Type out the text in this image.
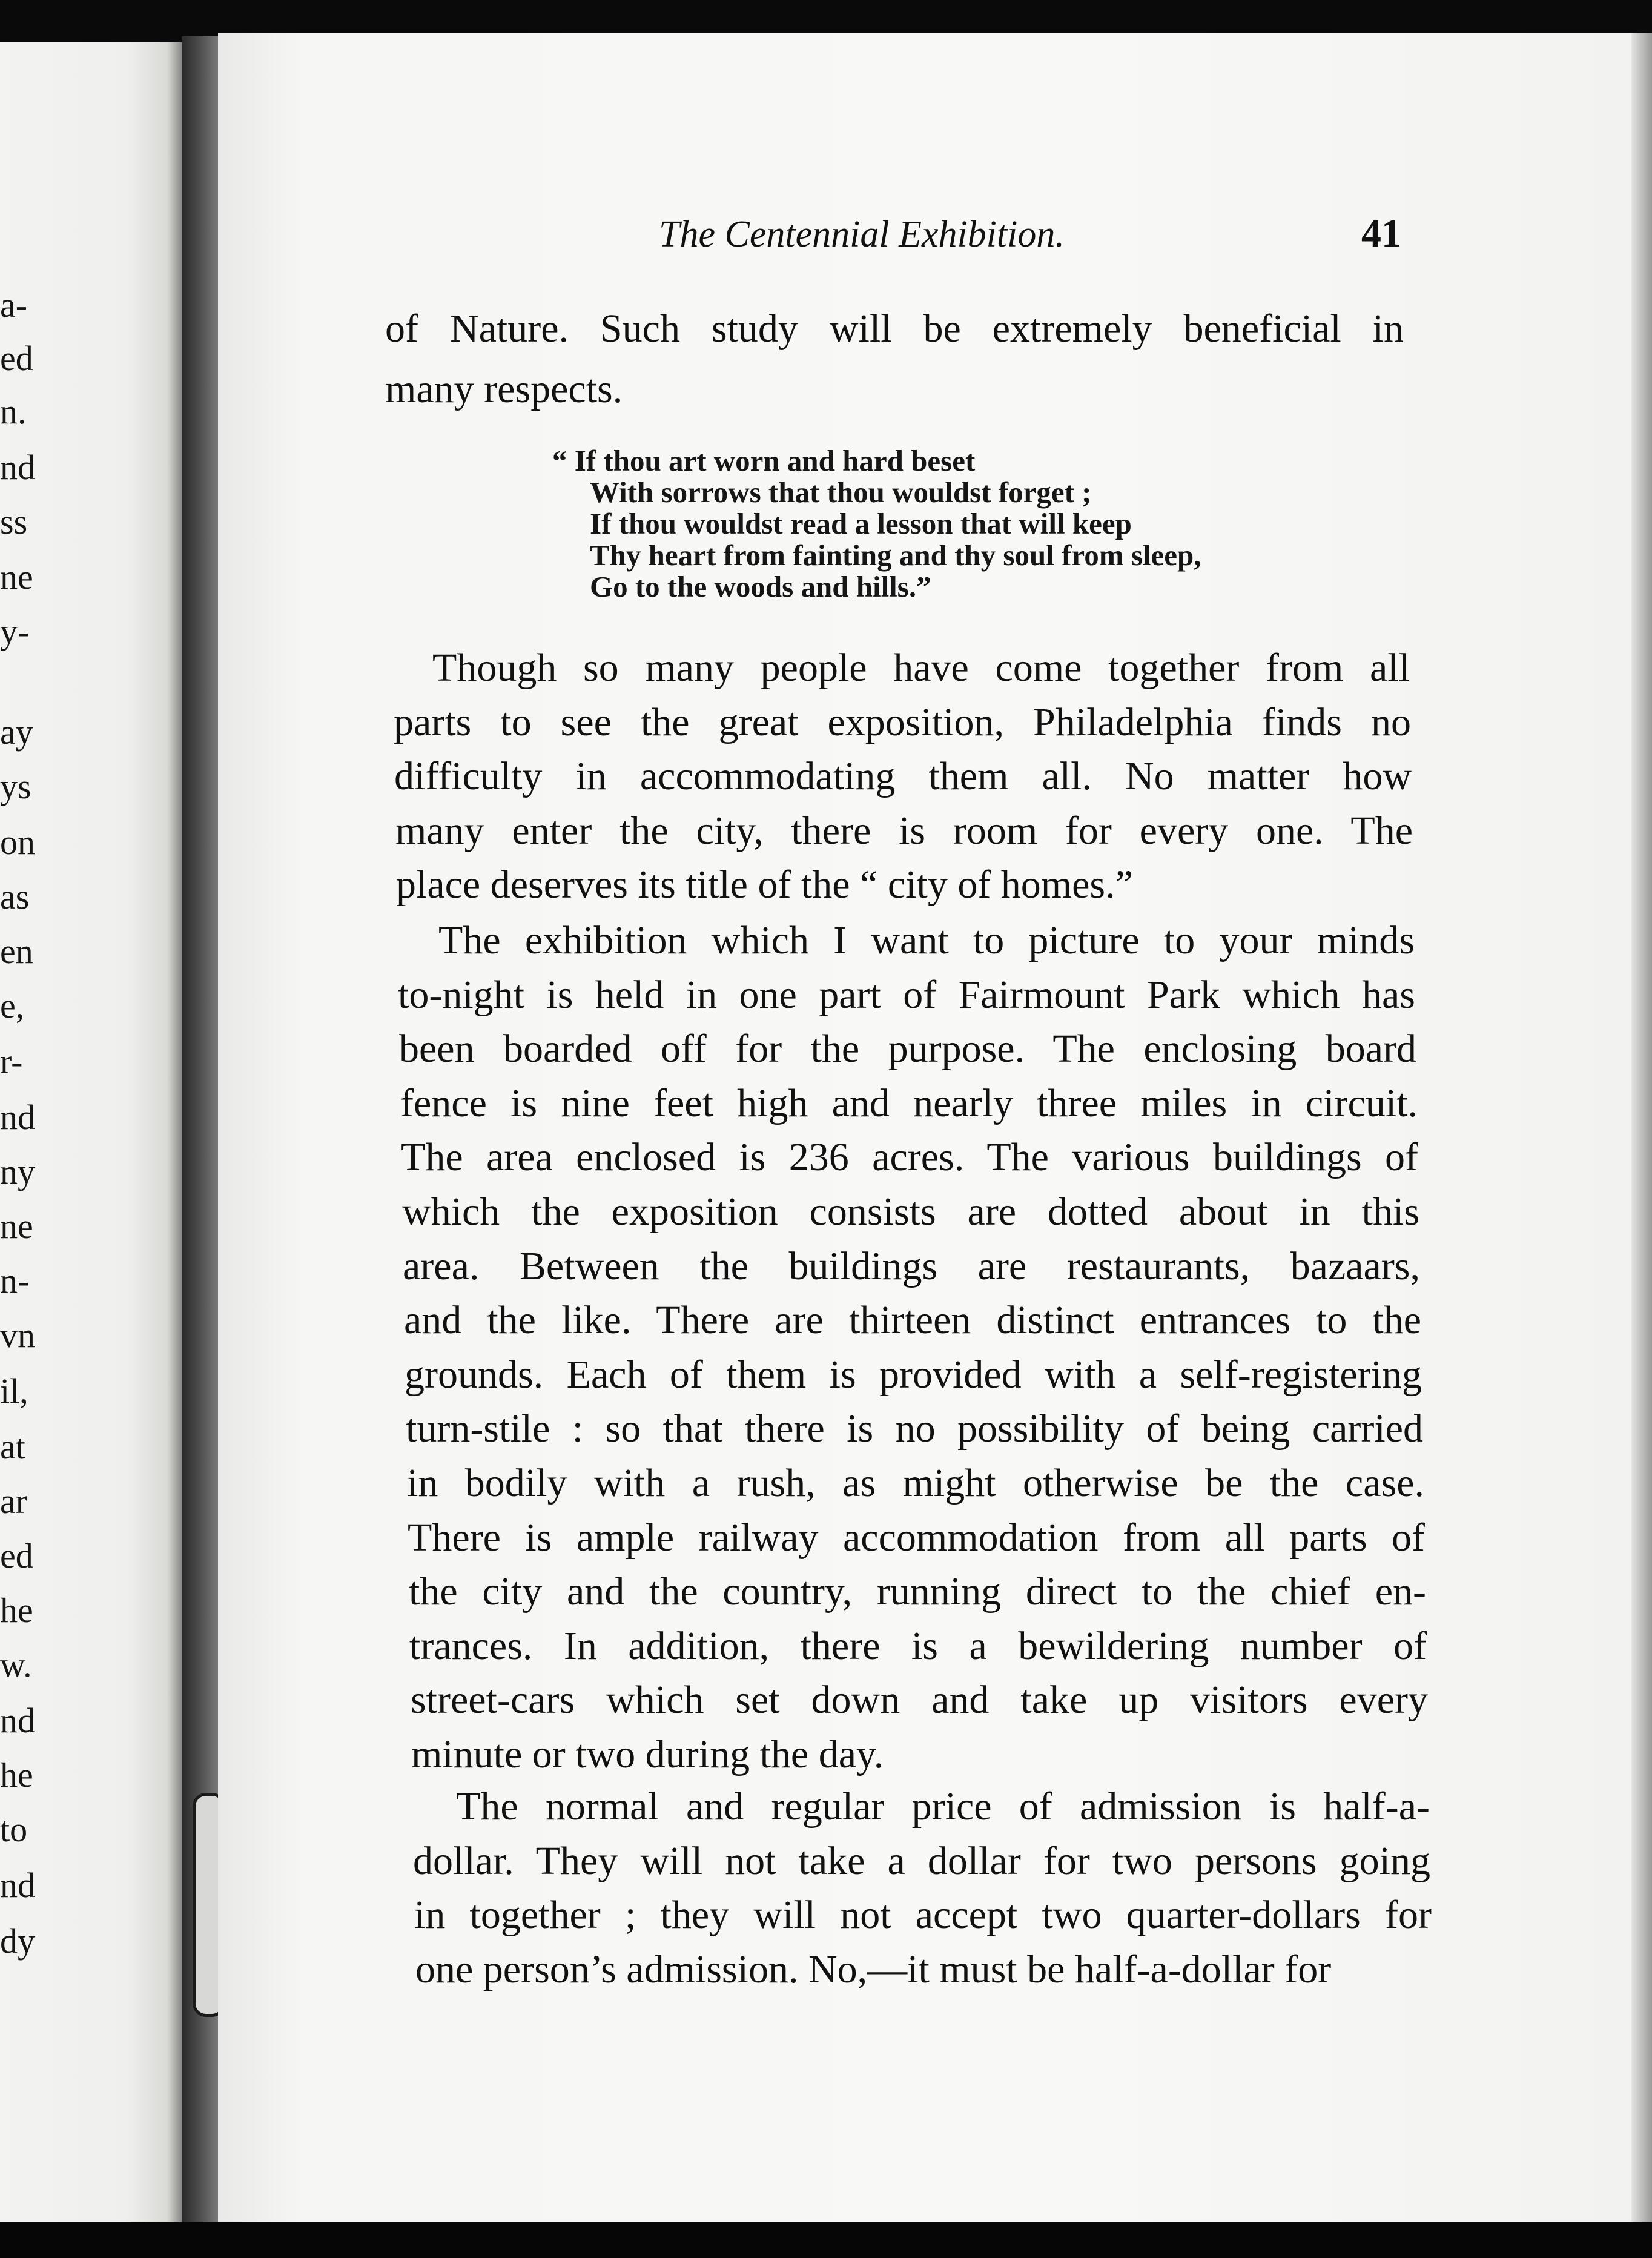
a-
ed
n.
nd
ss
ne
y-
ay
ys
on
as
en
e,
r-
nd
ny
ne
n-
vn
il,
at
ar
ed
he
w.
nd
he
to
nd
dy
The Centennial Exhibition.	41
of Nature. Such study will be extremely beneficial in
many respects.
“ If thou art worn and hard beset
With sorrows that thou wouldst forget ;
If thou wouldst read a lesson that will keep
Thy heart from fainting and thy soul from sleep,
Go to the woods and hills.”
Though so many people have come together from all
parts to see the great exposition, Philadelphia finds no
difficulty in accommodating them all. No matter how
many enter the city, there is room for every one. The
place deserves its title of the “ city of homes.”
The exhibition which I want to picture to your minds
to-night is held in one part of Fairmount Park which has
been boarded off for the purpose. The enclosing board
fence is nine feet high and nearly three miles in circuit.
The area enclosed is 236 acres. The various buildings of
which the exposition consists are dotted about in this
area. Between the buildings are restaurants, bazaars,
and the like. There are thirteen distinct entrances to the
grounds. Each of them is provided with a self-registering
turn-stile : so that there is no possibility of being carried
in bodily with a rush, as might otherwise be the case.
There is ample railway accommodation from all parts of
the city and the country, running direct to the chief en-
trances. In addition, there is a bewildering number of
street-cars which set down and take up visitors every
minute or two during the day.
The normal and regular price of admission is half-a-
dollar. They will not take a dollar for two persons going
in together ; they will not accept two quarter-dollars for
one person’s admission. No,—it must be half-a-dollar for
